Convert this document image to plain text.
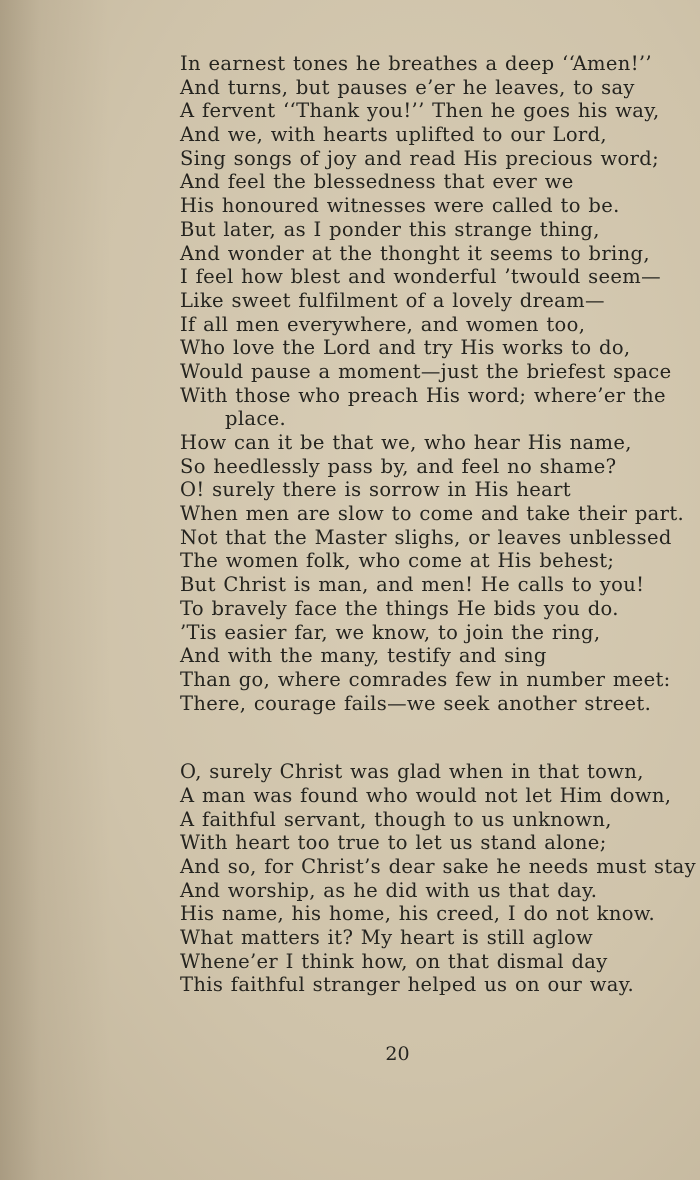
In earnest tones he breathes a deep ‘‘Amen!’’
And turns, but pauses e’er he leaves, to say
A fervent ‘‘Thank you!’’ Then he goes his way,
And we, with hearts uplifted to our Lord,
Sing songs of joy and read His precious word;
And feel the blessedness that ever we
His honoured witnesses were called to be.
But later, as I ponder this strange thing,
And wonder at the thonght it seems to bring,
I feel how blest and wonderful ’twould seem—
Like sweet fulfilment of a lovely dream—
If all men everywhere, and women too,
Who love the Lord and try His works to do,
Would pause a moment—just the briefest space
With those who preach His word; where’er the
place.
How can it be that we, who hear His name,
So heedlessly pass by, and feel no shame?
O! surely there is sorrow in His heart
When men are slow to come and take their part.
Not that the Master slighs, or leaves unblessed
The women folk, who come at His behest;
But Christ is man, and men! He calls to you!
To bravely face the things He bids you do.
’Tis easier far, we know, to join the ring,
And with the many, testify and sing
Than go, where comrades few in number meet:
There, courage fails—we seek another street.
O, surely Christ was glad when in that town,
A man was found who would not let Him down,
A faithful servant, though to us unknown,
With heart too true to let us stand alone;
And so, for Christ’s dear sake he needs must stay
And worship, as he did with us that day.
His name, his home, his creed, I do not know.
What matters it? My heart is still aglow
Whene’er I think how, on that dismal day
This faithful stranger helped us on our way.
20
